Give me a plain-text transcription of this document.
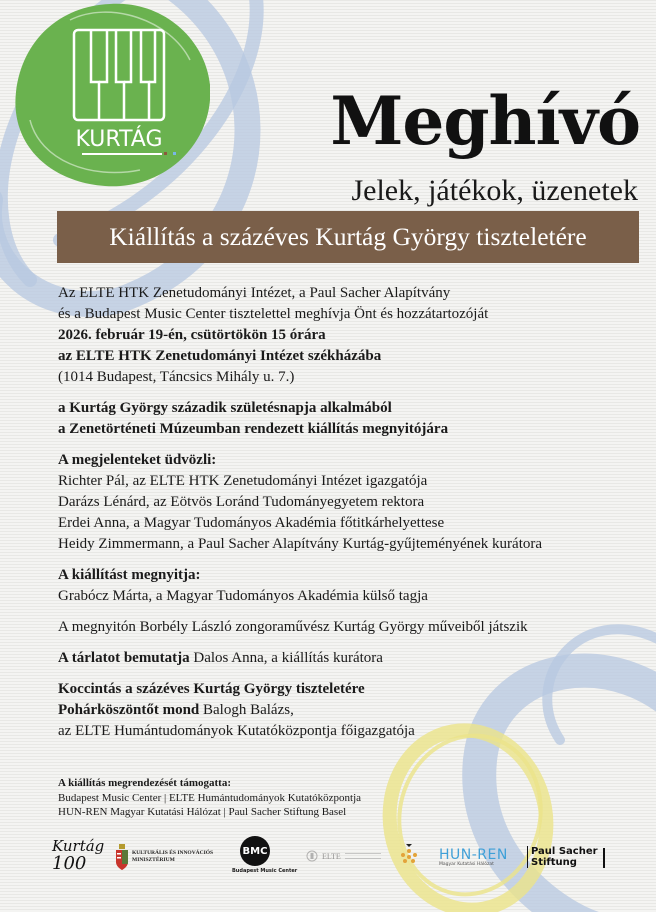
KURTÁG	Meghívó
Jelek, játékok, üzenetek
Kiállítás a százéves Kurtág György tiszteletére

Az ELTE HTK Zenetudományi Intézet, a Paul Sacher Alapítvány

és a Budapest Music Center tisztelettel meghívja Önt és hozzátartozóját

2026. február 19-én, csütörtökön 15 órára

az ELTE HTK Zenetudományi Intézet székházába

(1014 Budapest, Táncsics Mihály u. 7.)

a Kurtág György századik születésnapja alkalmából

a Zenetörténeti Múzeumban rendezett kiállítás megnyitójára

A megjelenteket üdvözli:

Richter Pál, az ELTE HTK Zenetudományi Intézet igazgatója

Darázs Lénárd, az Eötvös Loránd Tudományegyetem rektora

Erdei Anna, a Magyar Tudományos Akadémia főtitkárhelyettese

Heidy Zimmermann, a Paul Sacher Alapítvány Kurtág-gyűjteményének kurátora

A kiállítást megnyitja:

Grabócz Márta, a Magyar Tudományos Akadémia külső tagja

A megnyitón Borbély László zongoraművész Kurtág György műveiből játszik

A tárlatot bemutatja Dalos Anna, a kiállítás kurátora

Koccintás a százéves Kurtág György tiszteletére

Pohárköszöntőt mond Balogh Balázs,

az ELTE Humántudományok Kutatóközpontja főigazgatója

A kiállítás megrendezését támogatta:
Budapest Music Center | ELTE Humántudományok Kutatóközpontja
HUN-REN Magyar Kutatási Hálózat | Paul Sacher Stiftung Basel
Kurtág
100	KULTURÁLIS ÉS INNOVÁCIÓS
MINISZTÉRIUM
BMC
Budapest Music Center
ELTE	HUN-REN
Magyar Kutatási Hálózat
Paul Sacher
Stiftung
